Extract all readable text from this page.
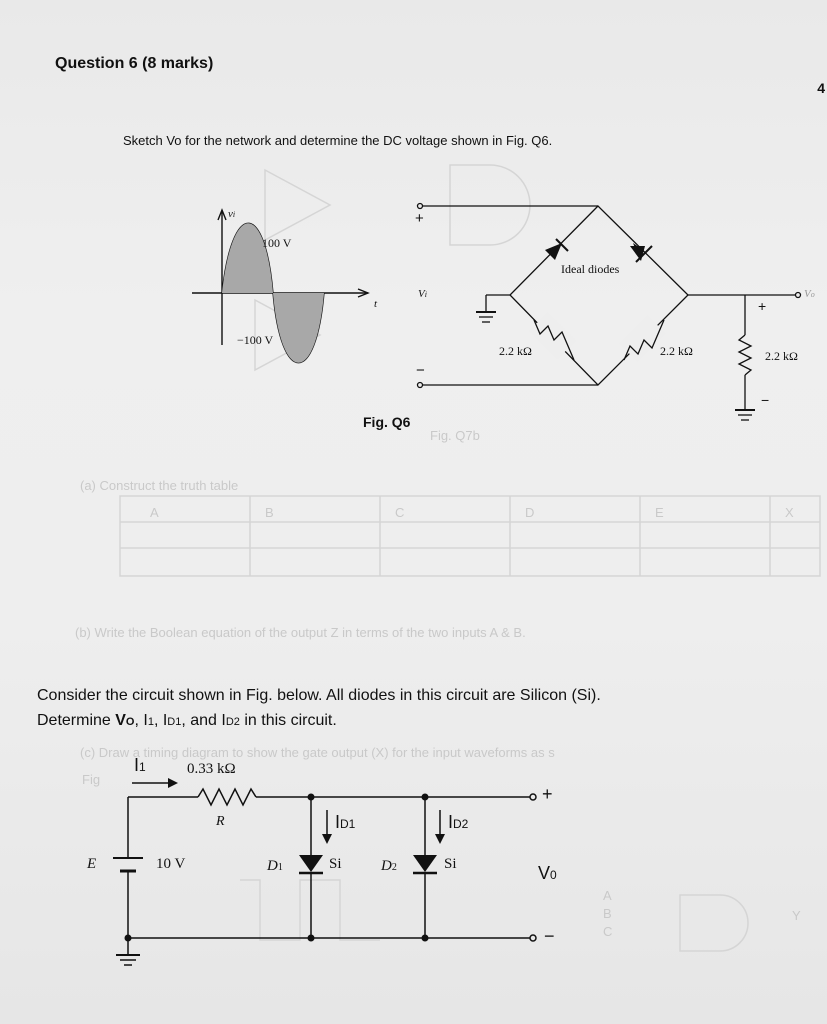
Fig. Q7b
(a) Construct the truth table
A	B	C	D	E	X
(b) Write the Boolean equation of the output Z in terms of the two inputs A & B.
(c) Draw a timing diagram to show the gate output (X) for the input waveforms as s
Fig
A
B
C
Y
Question 6 (8 marks)
4
Sketch Vo for the network and determine the DC voltage shown in Fig. Q6.
vi
100 V
−100 V
t
+
−
Vi
Ideal diodes
2.2 kΩ	2.2 kΩ	2.2 kΩ
+
−
Vo
Fig. Q6
Consider the circuit shown in Fig. below. All diodes in this circuit are Silicon (Si).
Determine VO, I1, ID1, and ID2 in this circuit.
I1	0.33 kΩ
R	ID1	ID2
E	10 V	D1	Si	D2	Si
+
−
V0
